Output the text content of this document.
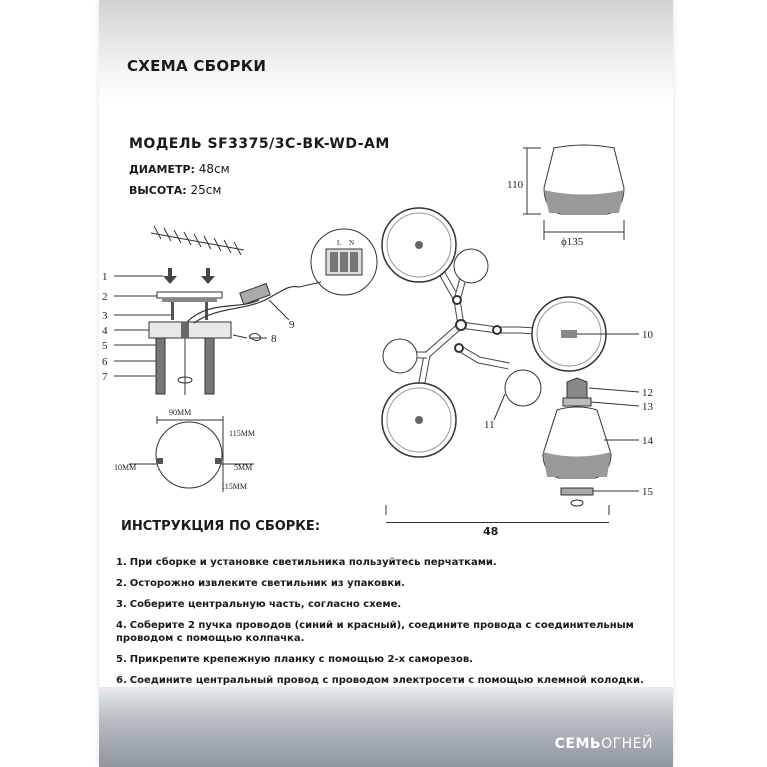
СХЕМА СБОРКИ
МОДЕЛЬ SF3375/3C-BK-WD-AM
ДИАМЕТР: 48см
ВЫСОТА: 25см
L N
1
2
3
4
5
6
7
8
9
90MM
115MM
10MM	5MM
115MM
110
ϕ135
10
11
12
13
14
15
48
ИНСТРУКЦИЯ ПО СБОРКЕ:
1. При сборке и установке светильника пользуйтесь перчатками.
2. Осторожно извлеките светильник из упаковки.
3. Соберите центральную часть, согласно схеме.
4. Соберите 2 пучка проводов (синий и красный), соедините провода с соединительным проводом с помощью колпачка.
5. Прикрепите крепежную планку с помощью 2-х саморезов.
6. Соедините центральный провод с проводом электросети с помощью клемной колодки.
СЕМЬОГНЕЙ
